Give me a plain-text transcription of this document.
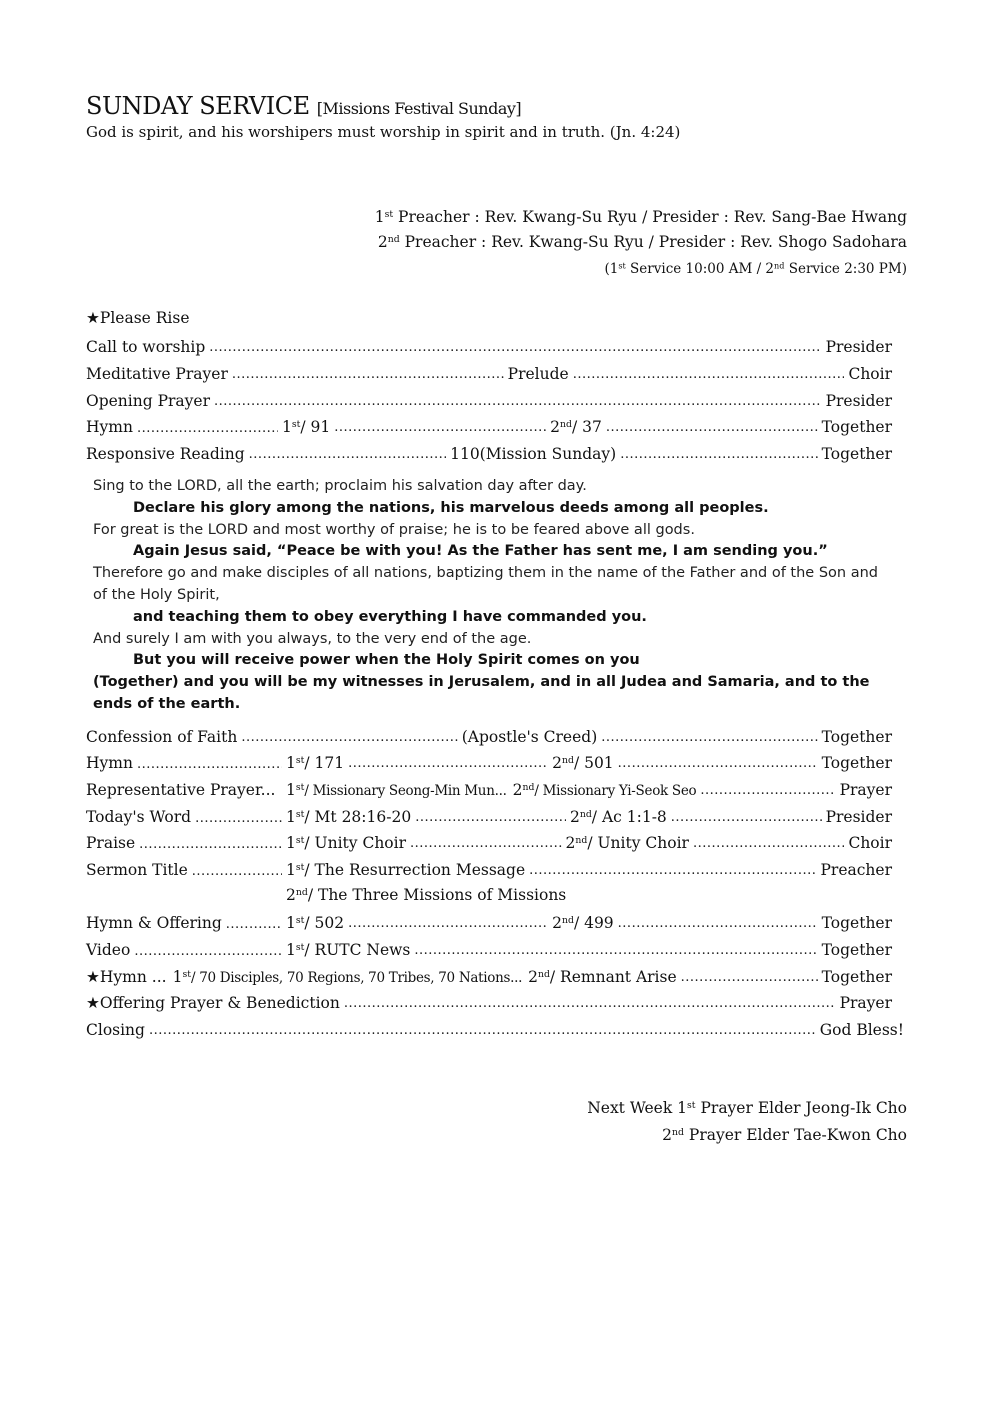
SUNDAY SERVICE [Missions Festival Sunday]
God is spirit, and his worshipers must worship in spirit and in truth. (Jn. 4:24)
1st Preacher : Rev. Kwang-Su Ryu / Presider : Rev. Sang-Bae Hwang
2nd Preacher : Rev. Kwang-Su Ryu / Presider : Rev. Shogo Sadohara
(1st Service 10:00 AM / 2nd Service 2:30 PM)
★Please Rise
Call to worship .....	Presider
Meditative Prayer .....	Prelude .....	Choir
Opening Prayer .....	Presider
Hymn .....	1st/ 91 .....	2nd/ 37 .....	Together
Responsive Reading .....	110(Mission Sunday) .....	Together
Sing to the LORD, all the earth; proclaim his salvation day after day.
Declare his glory among the nations, his marvelous deeds among all peoples.
For great is the LORD and most worthy of praise; he is to be feared above all gods.
Again Jesus said, “Peace be with you! As the Father has sent me, I am sending you.”
Therefore go and make disciples of all nations, baptizing them in the name of the Father and of the Son and of the Holy Spirit,
and teaching them to obey everything I have commanded you.
And surely I am with you always, to the very end of the age.
But you will receive power when the Holy Spirit comes on you
(Together) and you will be my witnesses in Jerusalem, and in all Judea and Samaria, and to the ends of the earth.
Confession of Faith .....	(Apostle's Creed) .....	Together
Hymn .....	1st/ 171 .....	2nd/ 501 .....	Together
Representative Prayer... 1st/ Missionary Seong-Min Mun... 2nd/ Missionary Yi-Seok Seo .....	Prayer
Today's Word .....	1st/ Mt 28:16-20 .....	2nd/ Ac 1:1-8 .....	Presider
Praise .....	1st/ Unity Choir .....	2nd/ Unity Choir .....	Choir
Sermon Title .....	1st/ The Resurrection Message .....	Preacher
2nd/ The Three Missions of Missions
Hymn & Offering .....	1st/ 502 .....	2nd/ 499 .....	Together
Video .....	1st/ RUTC News .....	Together
★Hymn ... 1st/ 70 Disciples, 70 Regions, 70 Tribes, 70 Nations... 2nd/ Remnant Arise .....	Together
★Offering Prayer & Benediction .....	Prayer
Closing .....	God Bless!
Next Week 1st Prayer Elder Jeong-Ik Cho
2nd Prayer Elder Tae-Kwon Cho
